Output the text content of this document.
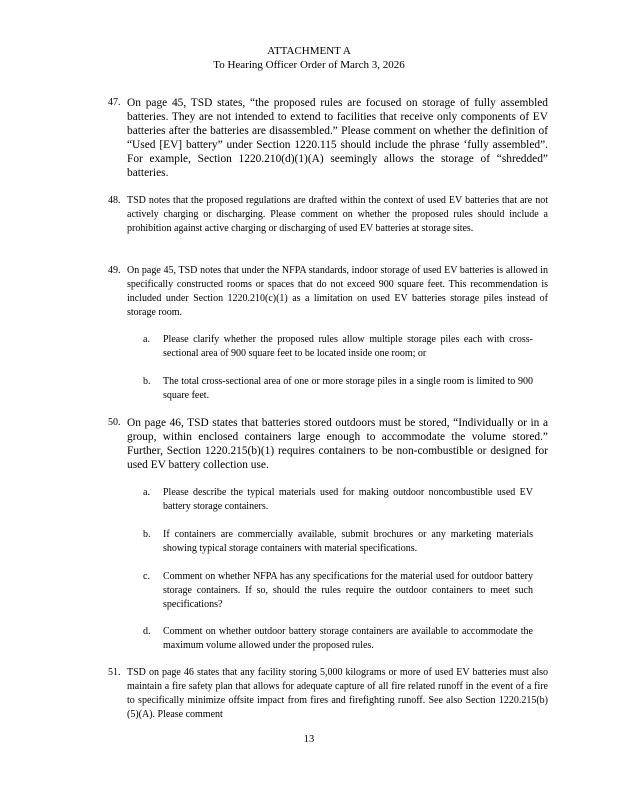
ATTACHMENT A
To Hearing Officer Order of March 3, 2026
47. On page 45, TSD states, “the proposed rules are focused on storage of fully assembled batteries. They are not intended to extend to facilities that receive only components of EV batteries after the batteries are disassembled.” Please comment on whether the definition of “Used [EV] battery” under Section 1220.115 should include the phrase ‘fully assembled”. For example, Section 1220.210(d)(1)(A) seemingly allows the storage of “shredded” batteries.
48. TSD notes that the proposed regulations are drafted within the context of used EV batteries that are not actively charging or discharging. Please comment on whether the proposed rules should include a prohibition against active charging or discharging of used EV batteries at storage sites.
49. On page 45, TSD notes that under the NFPA standards, indoor storage of used EV batteries is allowed in specifically constructed rooms or spaces that do not exceed 900 square feet. This recommendation is included under Section 1220.210(c)(1) as a limitation on used EV batteries storage piles instead of storage room.
a. Please clarify whether the proposed rules allow multiple storage piles each with cross-sectional area of 900 square feet to be located inside one room; or
b. The total cross-sectional area of one or more storage piles in a single room is limited to 900 square feet.
50. On page 46, TSD states that batteries stored outdoors must be stored, “Individually or in a group, within enclosed containers large enough to accommodate the volume stored.” Further, Section 1220.215(b)(1) requires containers to be non-combustible or designed for used EV battery collection use.
a. Please describe the typical materials used for making outdoor noncombustible used EV battery storage containers.
b. If containers are commercially available, submit brochures or any marketing materials showing typical storage containers with material specifications.
c. Comment on whether NFPA has any specifications for the material used for outdoor battery storage containers. If so, should the rules require the outdoor containers to meet such specifications?
d. Comment on whether outdoor battery storage containers are available to accommodate the maximum volume allowed under the proposed rules.
51. TSD on page 46 states that any facility storing 5,000 kilograms or more of used EV batteries must also maintain a fire safety plan that allows for adequate capture of all fire related runoff in the event of a fire to specifically minimize offsite impact from fires and firefighting runoff. See also Section 1220.215(b)(5)(A). Please comment
13
